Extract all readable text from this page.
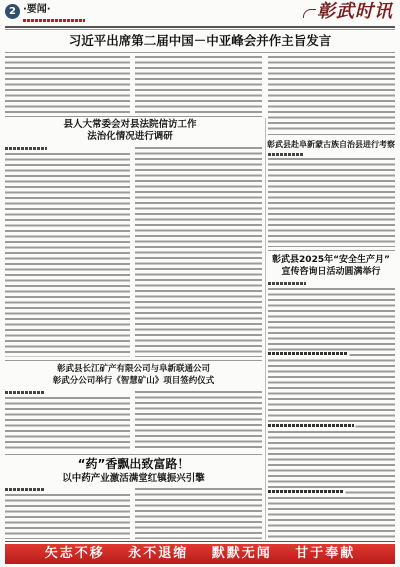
2 ·要闻·	彰武时讯
习近平出席第二届中国－中亚峰会并作主旨发言
县人大常委会对县法院信访工作
法治化情况进行调研
彰武县赴阜新蒙古族自治县进行考察
彰武县长江矿产有限公司与阜新联通公司
彰武分公司举行《智慧矿山》项目签约仪式
彰武县2025年“安全生产月”
宣传咨询日活动圆满举行
“药”香飘出致富路！
以中药产业激活满堂红镇振兴引擎
矢志不移 永不退缩 默默无闻 甘于奉献
